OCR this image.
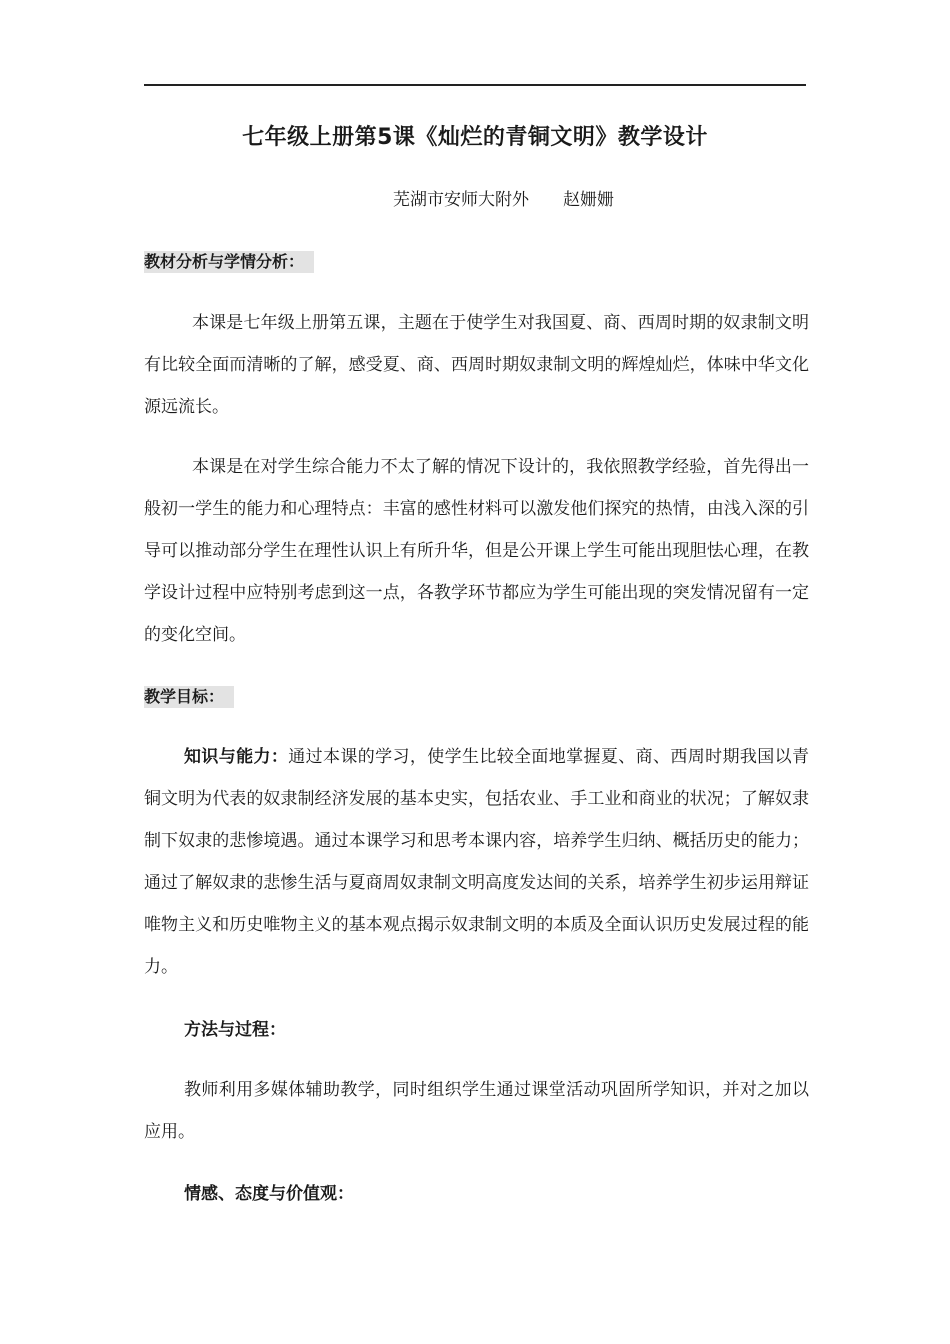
七年级上册第5课《灿烂的青铜文明》教学设计
芜湖市安师大附外　　赵姗姗
教材分析与学情分析：
本课是七年级上册第五课，主题在于使学生对我国夏、商、西周时期的奴隶制文明有比较全面而清晰的了解，感受夏、商、西周时期奴隶制文明的辉煌灿烂，体味中华文化源远流长。
本课是在对学生综合能力不太了解的情况下设计的，我依照教学经验，首先得出一般初一学生的能力和心理特点：丰富的感性材料可以激发他们探究的热情，由浅入深的引导可以推动部分学生在理性认识上有所升华，但是公开课上学生可能出现胆怯心理，在教学设计过程中应特别考虑到这一点，各教学环节都应为学生可能出现的突发情况留有一定的变化空间。
教学目标：
知识与能力：通过本课的学习，使学生比较全面地掌握夏、商、西周时期我国以青铜文明为代表的奴隶制经济发展的基本史实，包括农业、手工业和商业的状况；了解奴隶制下奴隶的悲惨境遇。通过本课学习和思考本课内容，培养学生归纳、概括历史的能力；通过了解奴隶的悲惨生活与夏商周奴隶制文明高度发达间的关系，培养学生初步运用辩证唯物主义和历史唯物主义的基本观点揭示奴隶制文明的本质及全面认识历史发展过程的能力。
方法与过程：
教师利用多媒体辅助教学，同时组织学生通过课堂活动巩固所学知识，并对之加以应用。
情感、态度与价值观：
